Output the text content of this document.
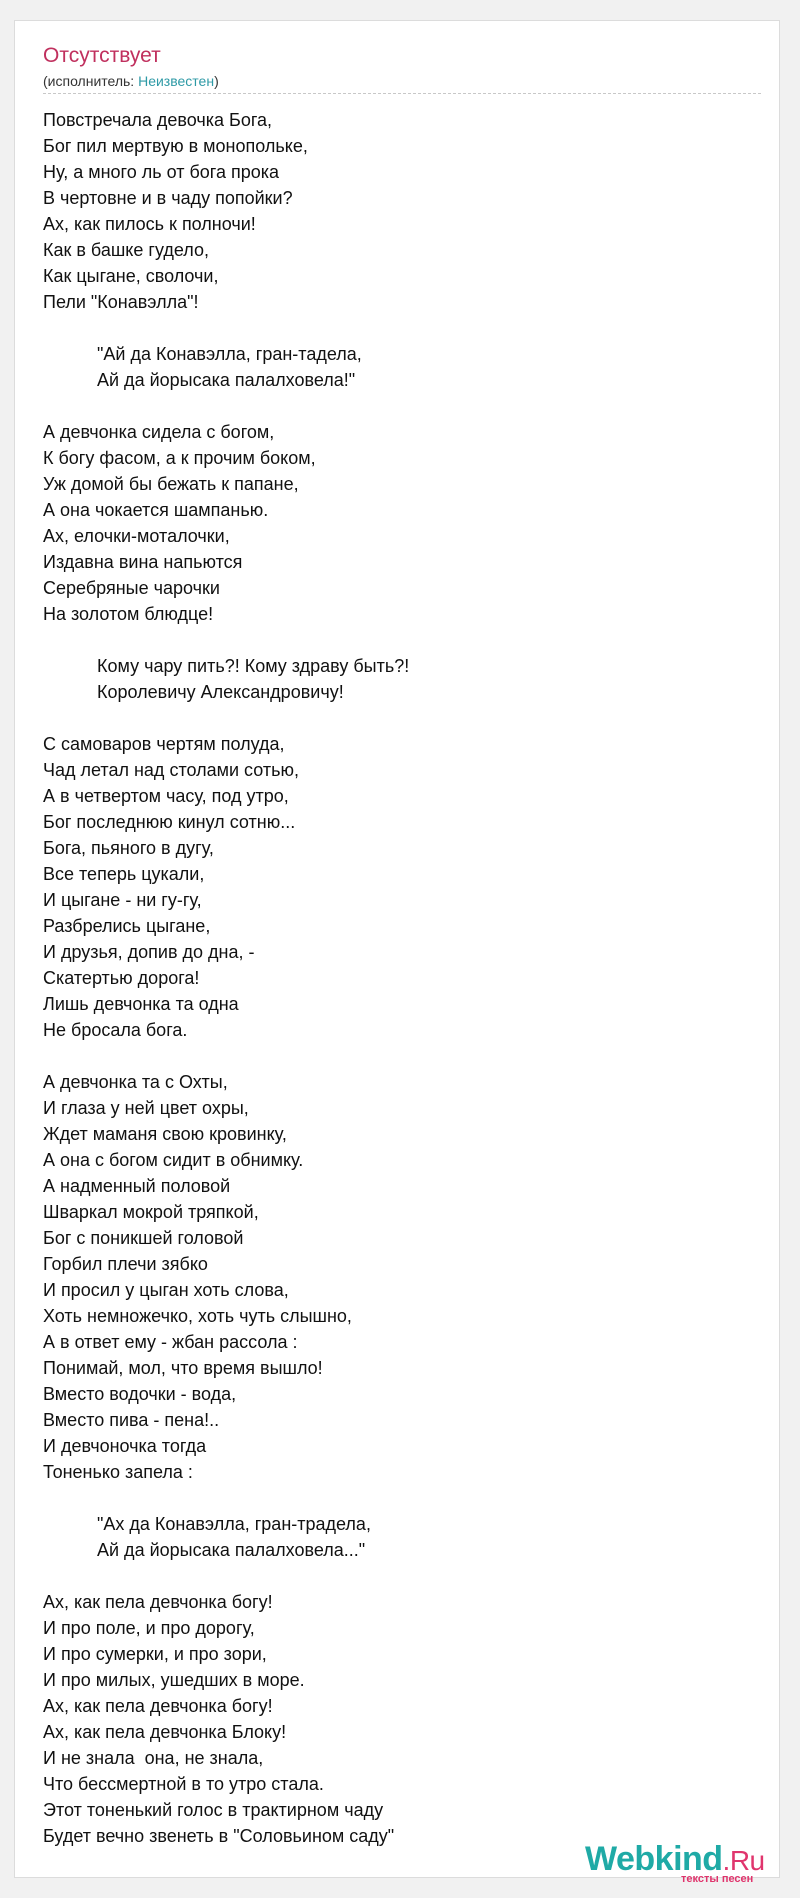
Отсутствует
(исполнитель: Неизвестен)
Повстречала девочка Бога,
Бог пил мертвую в монопольке,
Ну, а много ль от бога прока
В чертовне и в чаду попойки?
Ах, как пилось к полночи!
Как в башке гудело,
Как цыгане, сволочи,
Пели "Конавэлла"!
"Ай да Конавэлла, гран-тадела,
Ай да йорысака палалховела!"
А девчонка сидела с богом,
К богу фасом, а к прочим боком,
Уж домой бы бежать к папане,
А она чокается шампанью.
Ах, елочки-моталочки,
Издавна вина напьются
Серебряные чарочки
На золотом блюдце!
Кому чару пить?! Кому здраву быть?!
Королевичу Александровичу!
С самоваров чертям полуда,
Чад летал над столами сотью,
А в четвертом часу, под утро,
Бог последнюю кинул сотню...
Бога, пьяного в дугу,
Все теперь цукали,
И цыгане - ни гу-гу,
Разбрелись цыгане,
И друзья, допив до дна, -
Скатертью дорога!
Лишь девчонка та одна
Не бросала бога.
А девчонка та с Охты,
И глаза у ней цвет охры,
Ждет маманя свою кровинку,
А она с богом сидит в обнимку.
А надменный половой
Шваркал мокрой тряпкой,
Бог с поникшей головой
Горбил плечи зябко
И просил у цыган хоть слова,
Хоть немножечко, хоть чуть слышно,
А в ответ ему - жбан рассола :
Понимай, мол, что время вышло!
Вместо водочки - вода,
Вместо пива - пена!..
И девчоночка тогда
Тоненько запела :
"Ах да Конавэлла, гран-традела,
Ай да йорысака палалховела..."
Ах, как пела девчонка богу!
И про поле, и про дорогу,
И про сумерки, и про зори,
И про милых, ушедших в море.
Ах, как пела девчонка богу!
Ах, как пела девчонка Блоку!
И не знала  она, не знала,
Что бессмертной в то утро стала.
Этот тоненький голос в трактирном чаду
Будет вечно звенеть в "Соловьином саду"
Webkind.Ru
тексты песен
